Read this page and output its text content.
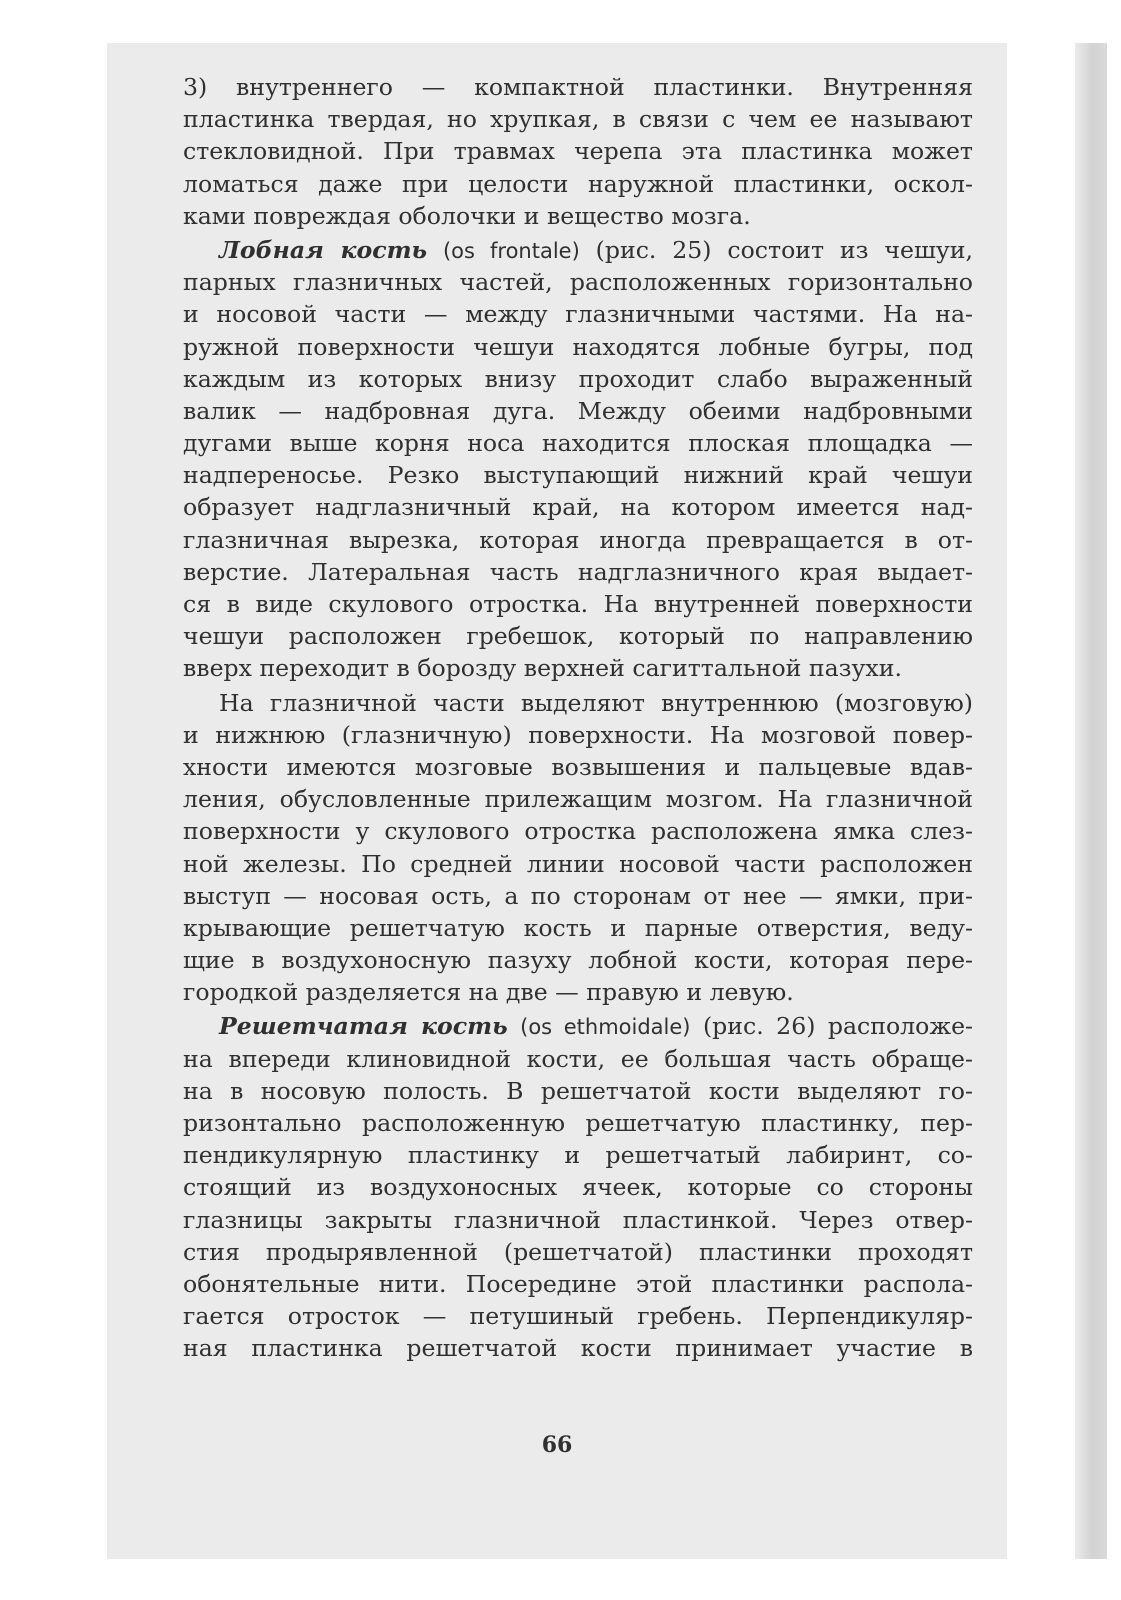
3) внутреннего — компактной пластинки. Внутренняя
пластинка твердая, но хрупкая, в связи с чем ее называют
стекловидной. При травмах черепа эта пластинка может
ломаться даже при целости наружной пластинки, оскол-
ками повреждая оболочки и вещество мозга.
Лобная кость (os frontale) (рис. 25) состоит из чешуи,
парных глазничных частей, расположенных горизонтально
и носовой части — между глазничными частями. На на-
ружной поверхности чешуи находятся лобные бугры, под
каждым из которых внизу проходит слабо выраженный
валик — надбровная дуга. Между обеими надбровными
дугами выше корня носа находится плоская площадка —
надпереносье. Резко выступающий нижний край чешуи
образует надглазничный край, на котором имеется над-
глазничная вырезка, которая иногда превращается в от-
верстие. Латеральная часть надглазничного края выдает-
ся в виде скулового отростка. На внутренней поверхности
чешуи расположен гребешок, который по направлению
вверх переходит в борозду верхней сагиттальной пазухи.
На глазничной части выделяют внутреннюю (мозговую)
и нижнюю (глазничную) поверхности. На мозговой повер-
хности имеются мозговые возвышения и пальцевые вдав-
ления, обусловленные прилежащим мозгом. На глазничной
поверхности у скулового отростка расположена ямка слез-
ной железы. По средней линии носовой части расположен
выступ — носовая ость, а по сторонам от нее — ямки, при-
крывающие решетчатую кость и парные отверстия, веду-
щие в воздухоносную пазуху лобной кости, которая пере-
городкой разделяется на две — правую и левую.
Решетчатая кость (os ethmoidale) (рис. 26) расположе-
на впереди клиновидной кости, ее большая часть обраще-
на в носовую полость. В решетчатой кости выделяют го-
ризонтально расположенную решетчатую пластинку, пер-
пендикулярную пластинку и решетчатый лабиринт, со-
стоящий из воздухоносных ячеек, которые со стороны
глазницы закрыты глазничной пластинкой. Через отвер-
стия продырявленной (решетчатой) пластинки проходят
обонятельные нити. Посередине этой пластинки распола-
гается отросток — петушиный гребень. Перпендикуляр-
ная пластинка решетчатой кости принимает участие в
66
